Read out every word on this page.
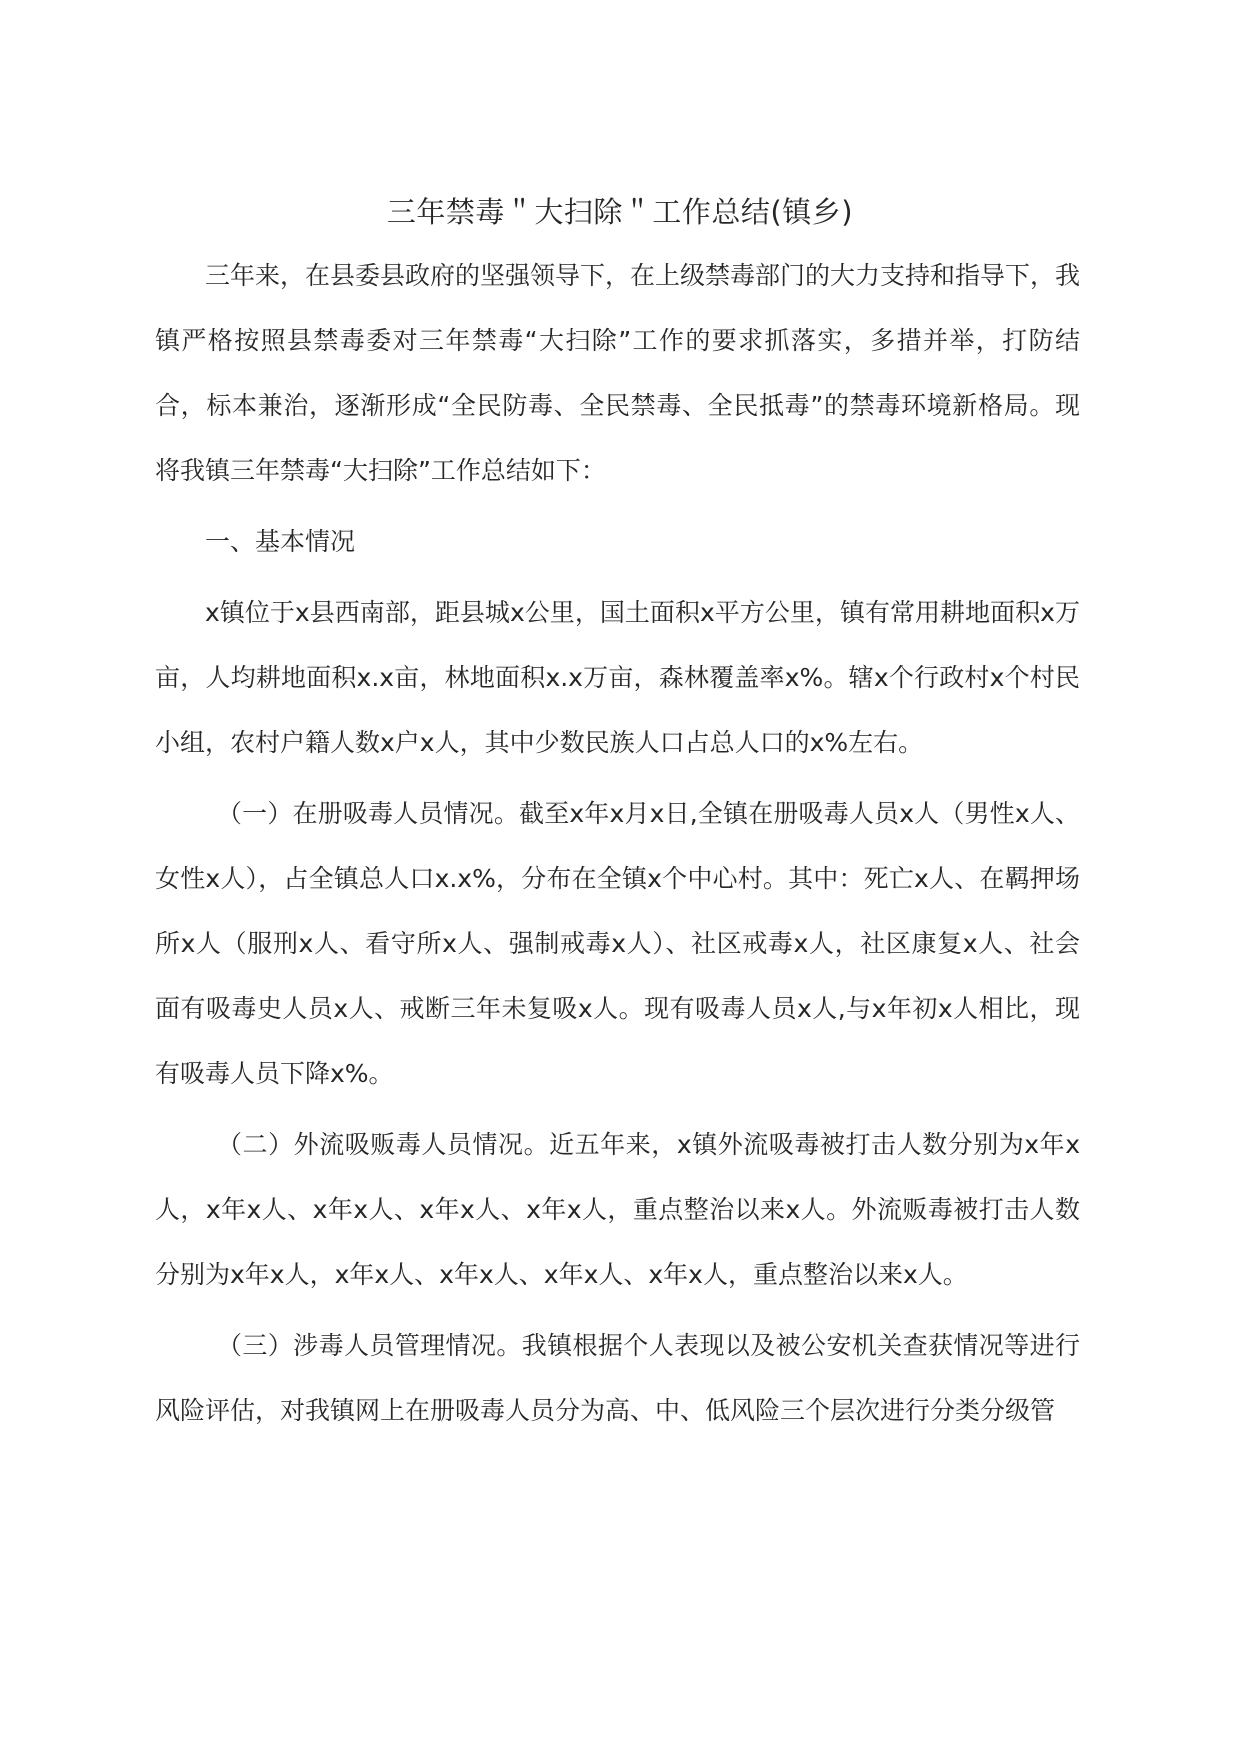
三年禁毒＂大扫除＂工作总结(镇乡)

三年来，在县委县政府的坚强领导下，在上级禁毒部门的大力支持和指导下，我镇严格按照县禁毒委对三年禁毒“大扫除”工作的要求抓落实，多措并举，打防结合，标本兼治，逐渐形成“全民防毒、全民禁毒、全民抵毒”的禁毒环境新格局。现将我镇三年禁毒“大扫除”工作总结如下：

一、基本情况

x镇位于x县西南部，距县城x公里，国土面积x平方公里，镇有常用耕地面积x万亩，人均耕地面积x.x亩，林地面积x.x万亩，森林覆盖率x%。辖x个行政村x个村民小组，农村户籍人数x户x人，其中少数民族人口占总人口的x%左右。

（一）在册吸毒人员情况。截至x年x月x日,全镇在册吸毒人员x人（男性x人、女性x人），占全镇总人口x.x%，分布在全镇x个中心村。其中：死亡x人、在羁押场所x人（服刑x人、看守所x人、强制戒毒x人）、社区戒毒x人，社区康复x人、社会面有吸毒史人员x人、戒断三年未复吸x人。现有吸毒人员x人,与x年初x人相比，现有吸毒人员下降x%。

（二）外流吸贩毒人员情况。近五年来，x镇外流吸毒被打击人数分别为x年x人，x年x人、x年x人、x年x人、x年x人，重点整治以来x人。外流贩毒被打击人数分别为x年x人，x年x人、x年x人、x年x人、x年x人，重点整治以来x人。

（三）涉毒人员管理情况。我镇根据个人表现以及被公安机关查获情况等进行风险评估，对我镇网上在册吸毒人员分为高、中、低风险三个层次进行分类分级管
